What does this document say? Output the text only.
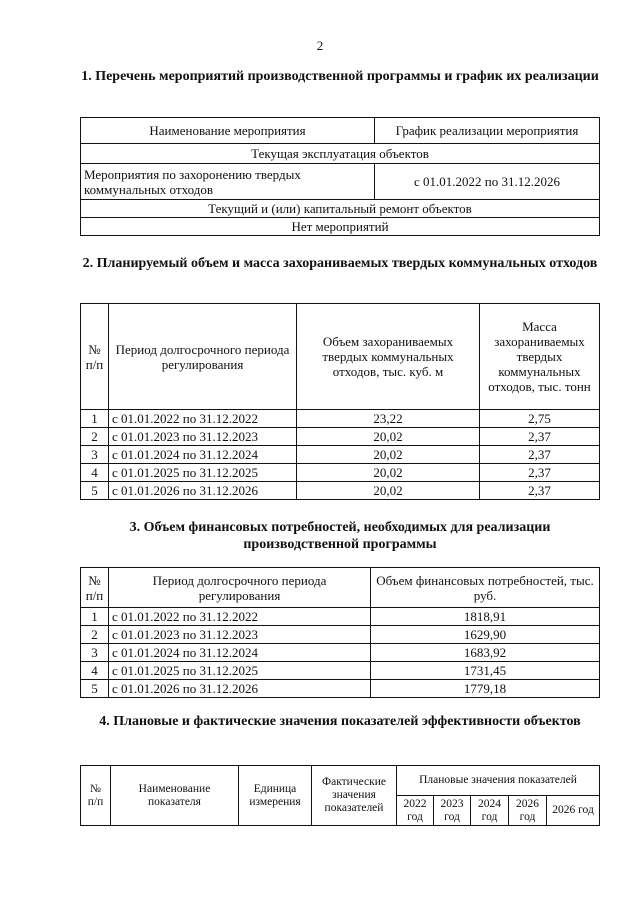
2
1. Перечень мероприятий производственной программы и график их реализации
Наименование мероприятия	График реализации мероприятия
Текущая эксплуатация объектов	
Мероприятия по захоронению твердых коммунальных отходов	с 01.01.2022 по 31.12.2026
Текущий и (или) капитальный ремонт объектов	
Нет мероприятий	
2. Планируемый объем и масса захораниваемых твердых коммунальных отходов
№ п/п	Период долгосрочного периода регулирования	Объем захораниваемых твердых коммунальных отходов, тыс. куб. м	Масса захораниваемых твердых коммунальных отходов, тыс. тонн
1	с 01.01.2022 по 31.12.2022	23,22	2,75
2	с 01.01.2023 по 31.12.2023	20,02	2,37
3	с 01.01.2024 по 31.12.2024	20,02	2,37
4	с 01.01.2025 по 31.12.2025	20,02	2,37
5	с 01.01.2026 по 31.12.2026	20,02	2,37
3. Объем финансовых потребностей, необходимых для реализации производственной программы
№ п/п	Период долгосрочного периода регулирования	Объем финансовых потребностей, тыс. руб.
1	с 01.01.2022 по 31.12.2022	1818,91
2	с 01.01.2023 по 31.12.2023	1629,90
3	с 01.01.2024 по 31.12.2024	1683,92
4	с 01.01.2025 по 31.12.2025	1731,45
5	с 01.01.2026 по 31.12.2026	1779,18
4. Плановые и фактические значения показателей эффективности объектов
№ п/п	Наименование показателя	Единица измерения	Фактические значения показателей	Плановые значения показателей				
				2022 год	2023 год	2024 год	2026 год	2026 год
